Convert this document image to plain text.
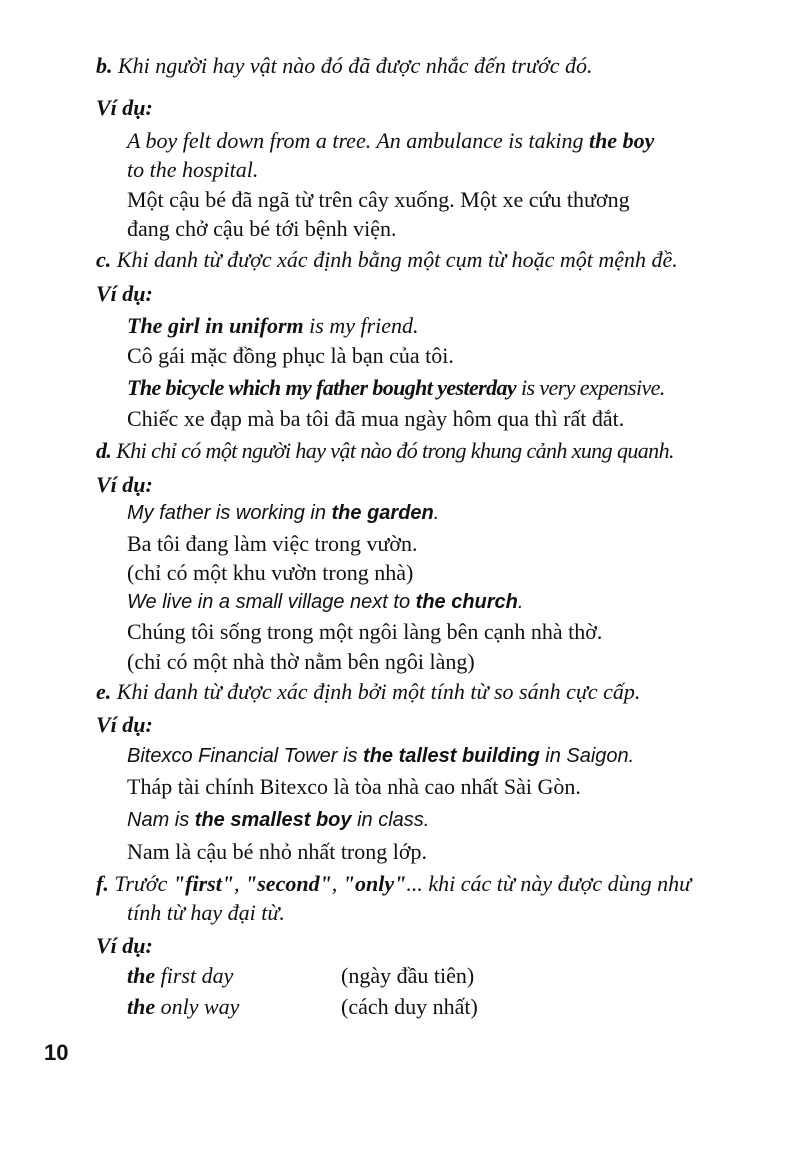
b. Khi người hay vật nào đó đã được nhắc đến trước đó.
Ví dụ:
A boy felt down from a tree. An ambulance is taking the boy
to the hospital.
Một cậu bé đã ngã từ trên cây xuống. Một xe cứu thương
đang chở cậu bé tới bệnh viện.
c. Khi danh từ được xác định bằng một cụm từ hoặc một mệnh đề.
Ví dụ:
The girl in uniform is my friend.
Cô gái mặc đồng phục là bạn của tôi.
The bicycle which my father bought yesterday is very expensive.
Chiếc xe đạp mà ba tôi đã mua ngày hôm qua thì rất đắt.
d. Khi chỉ có một người hay vật nào đó trong khung cảnh xung quanh.
Ví dụ:
My father is working in the garden.
Ba tôi đang làm việc trong vườn.
(chỉ có một khu vườn trong nhà)
We live in a small village next to the church.
Chúng tôi sống trong một ngôi làng bên cạnh nhà thờ.
(chỉ có một nhà thờ nằm bên ngôi làng)
e. Khi danh từ được xác định bởi một tính từ so sánh cực cấp.
Ví dụ:
Bitexco Financial Tower is the tallest building in Saigon.
Tháp tài chính Bitexco là tòa nhà cao nhất Sài Gòn.
Nam is the smallest boy in class.
Nam là cậu bé nhỏ nhất trong lớp.
f. Trước "first", "second", "only"... khi các từ này được dùng như
tính từ hay đại từ.
Ví dụ:
the first day	(ngày đầu tiên)
the only way	(cách duy nhất)
10
